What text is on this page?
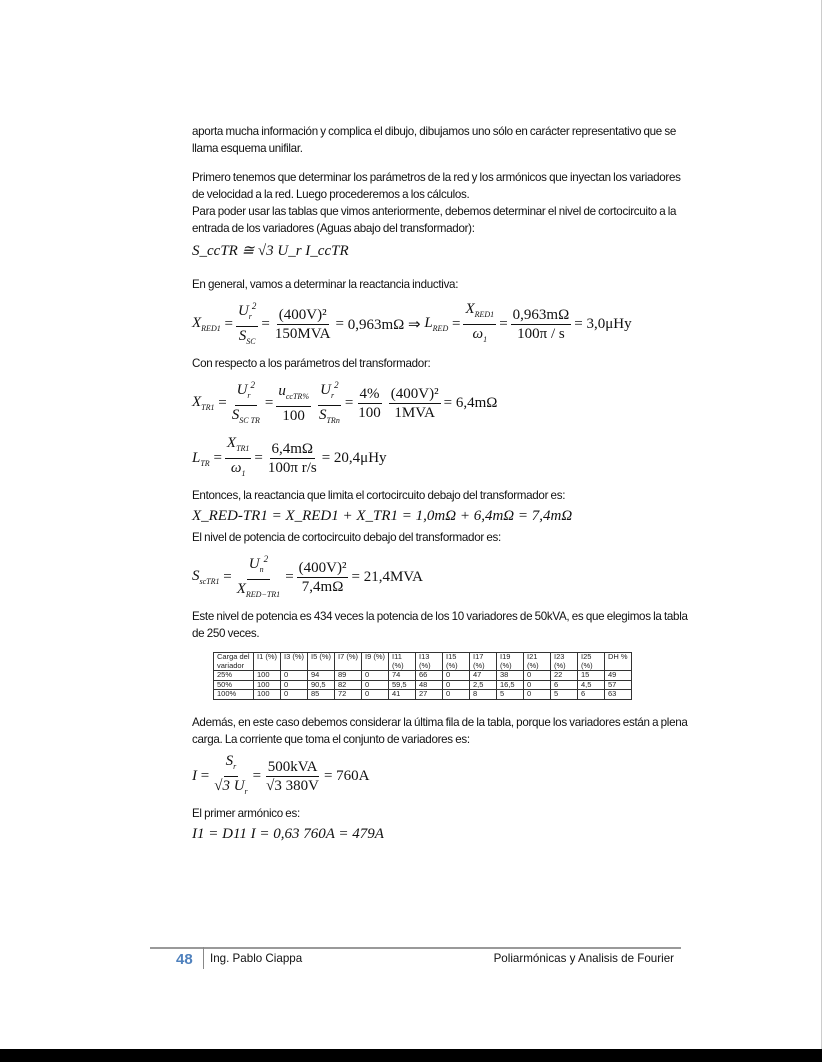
aporta mucha información y complica el dibujo, dibujamos uno sólo en carácter representativo que se llama esquema unifilar.
Primero tenemos que determinar los parámetros de la red y los armónicos que inyectan los variadores de velocidad a la red. Luego procederemos a los cálculos.
Para poder usar las tablas que vimos anteriormente, debemos determinar el nivel de cortocircuito a la entrada de los variadores (Aguas abajo del transformador):
S_ccTR ≅ √3 U_r I_ccTR
En general, vamos a determinar la reactancia inductiva:
$X_{RED1}$ =
$U_r^2$
$S_{SC}$
=
(400V)²
150MVA
= 0,963mΩ ⇒
$L_{RED}$ =
$X_{RED1}$
$\omega_1$
= $\frac{0,963m\Omega}{100\pi / s} = 3,0\mu Hy$
Con respecto a los parámetros del transformador:
$X_{TR1}$ =
$U_r^2$
$S_{SC TR}$
=
$u_{ccTR\%}$
100
$U_r^2$
$S_{TRn}$
= $\frac{4\%}{100} (400V)^2$
1MVA
= 6,4mΩ
$L_{TR}$ =
$X_{TR1}$
$\omega_1$
= $\frac{6,4m\Omega}{\text{100π r/s}} = 20,4\mu Hy$
Entonces, la reactancia que limita el cortocircuito debajo del transformador es:
X_RED-TR1 = X_RED1 + X_TR1 = 1,0mΩ + 6,4mΩ = 7,4mΩ
El nivel de potencia de cortocircuito debajo del transformador es:
$S_{scTR1}$ =
$U_n^2$
$X_{RED-TR1}$
= $\frac{\text{(400V)²}}{7,4m\Omega} = 21,4MVA$
Este nivel de potencia es 434 veces la potencia de los 10 variadores de 50kVA, es que elegimos la tabla de 250 veces.
Carga del variador	I1 (%)	I3 (%)	I5 (%)	I7 (%)	I9 (%)	I11 (%)	I13 (%)	I15 (%)	I17 (%)	I19 (%)	I21 (%)	I23 (%)	I25 (%)	DH %
25%	100	0	94	89	0	74	66	0	47	38	0	22	15	49
50%	100	0	90,5	82	0	59,5	48	0	2,5	16,5	0	6	4,5	57
100%	100	0	85	72	0	41	27	0	8	5	0	5	6	63
Además, en este caso debemos considerar la última fila de la tabla, porque los variadores están a plena carga. La corriente que toma el conjunto de variadores es:
I =
$S_r$
√3 $U_r$
=
500kVA
√3 380V
= 760A
El primer armónico es:
I1 = D11 I = 0,63 760A = 479A
48 Ing. Pablo Ciappa	Poliarmónicas y Analisis de Fourier
